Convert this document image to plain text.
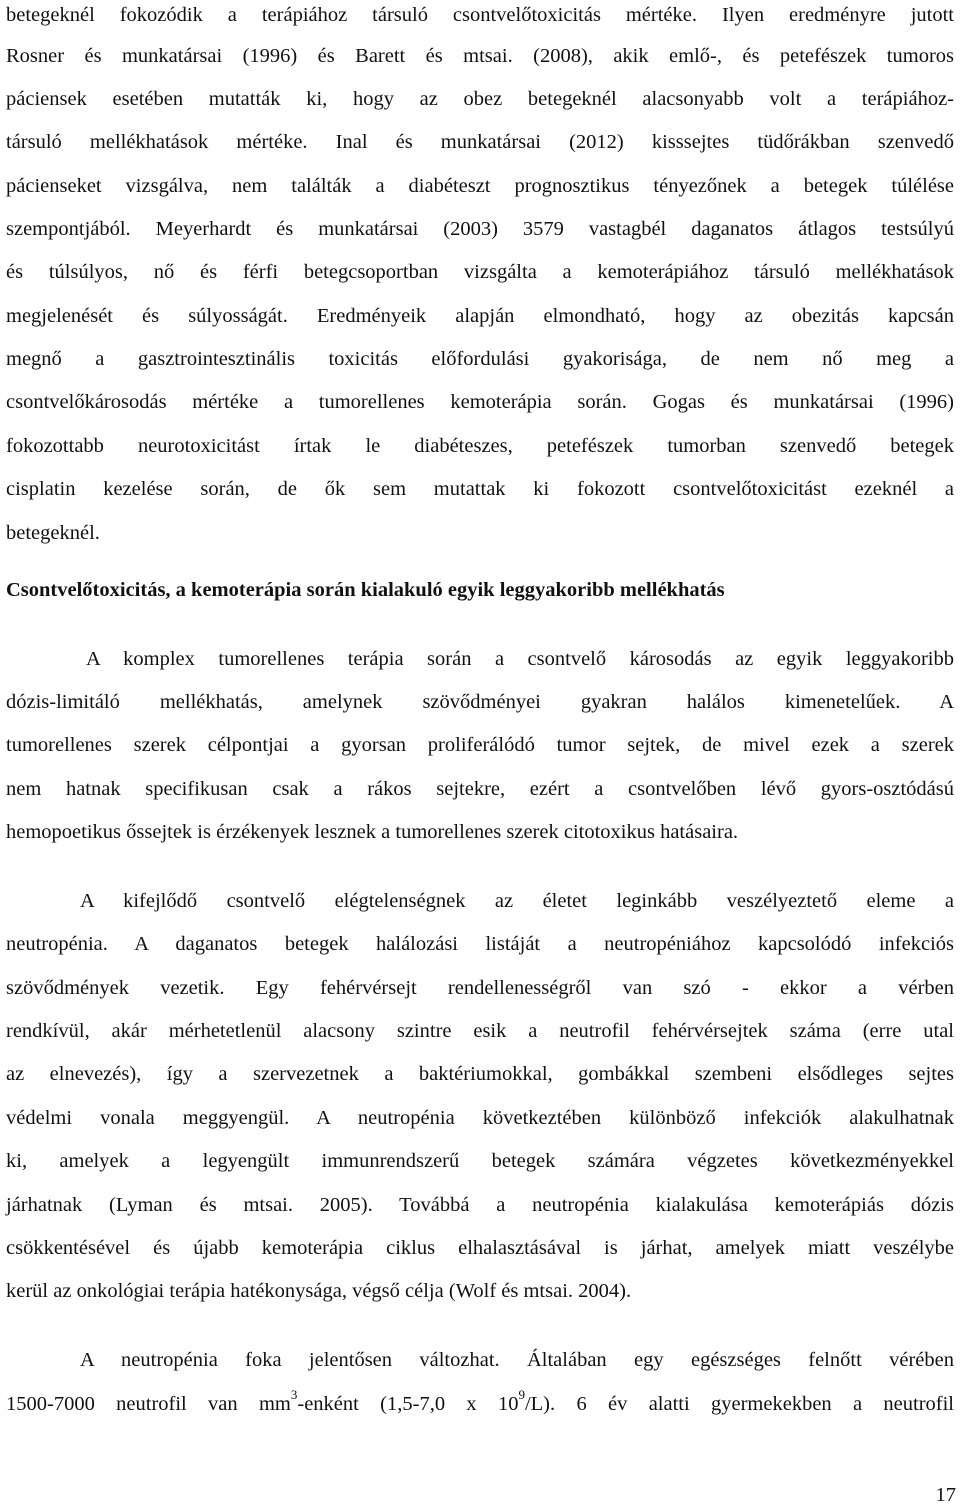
betegeknél fokozódik a terápiához társuló csontvelőtoxicitás mértéke. Ilyen eredményre jutott
Rosner és munkatársai (1996) és Barett és mtsai. (2008), akik emlő-, és petefészek tumoros
páciensek esetében mutatták ki, hogy az obez betegeknél alacsonyabb volt a terápiához-
társuló mellékhatások mértéke. Inal és munkatársai (2012) kisssejtes tüdőrákban szenvedő
pácienseket vizsgálva, nem találták a diabéteszt prognosztikus tényezőnek a betegek túlélése
szempontjából. Meyerhardt és munkatársai (2003) 3579 vastagbél daganatos átlagos testsúlyú
és túlsúlyos, nő és férfi betegcsoportban vizsgálta a kemoterápiához társuló mellékhatások
megjelenését és súlyosságát. Eredményeik alapján elmondható, hogy az obezitás kapcsán
megnő a gasztrointesztinális toxicitás előfordulási gyakorisága, de nem nő meg a
csontvelőkárosodás mértéke a tumorellenes kemoterápia során. Gogas és munkatársai (1996)
fokozottabb neurotoxicitást írtak le diabéteszes, petefészek tumorban szenvedő betegek
cisplatin kezelése során, de ők sem mutattak ki fokozott csontvelőtoxicitást ezeknél a
betegeknél.
Csontvelőtoxicitás, a kemoterápia során kialakuló egyik leggyakoribb mellékhatás
A komplex tumorellenes terápia során a csontvelő károsodás az egyik leggyakoribb
dózis-limitáló mellékhatás, amelynek szövődményei gyakran halálos kimenetelűek. A
tumorellenes szerek célpontjai a gyorsan proliferálódó tumor sejtek, de mivel ezek a szerek
nem hatnak specifikusan csak a rákos sejtekre, ezért a csontvelőben lévő gyors-osztódású
hemopoetikus őssejtek is érzékenyek lesznek a tumorellenes szerek citotoxikus hatásaira.
A kifejlődő csontvelő elégtelenségnek az életet leginkább veszélyeztető eleme a
neutropénia. A daganatos betegek halálozási listáját a neutropéniához kapcsolódó infekciós
szövődmények vezetik. Egy fehérvérsejt rendellenességről van szó - ekkor a vérben
rendkívül, akár mérhetetlenül alacsony szintre esik a neutrofil fehérvérsejtek száma (erre utal
az elnevezés), így a szervezetnek a baktériumokkal, gombákkal szembeni elsődleges sejtes
védelmi vonala meggyengül. A neutropénia következtében különböző infekciók alakulhatnak
ki, amelyek a legyengült immunrendszerű betegek számára végzetes következményekkel
járhatnak (Lyman és mtsai. 2005). Továbbá a neutropénia kialakulása kemoterápiás dózis
csökkentésével és újabb kemoterápia ciklus elhalasztásával is járhat, amelyek miatt veszélybe
kerül az onkológiai terápia hatékonysága, végső célja (Wolf és mtsai. 2004).
A neutropénia foka jelentősen változhat. Általában egy egészséges felnőtt vérében
1500-7000 neutrofil van $mm^3$-enként (1,5-7,0 x $10^9/L$). 6 év alatti gyermekekben a neutrofil
17
